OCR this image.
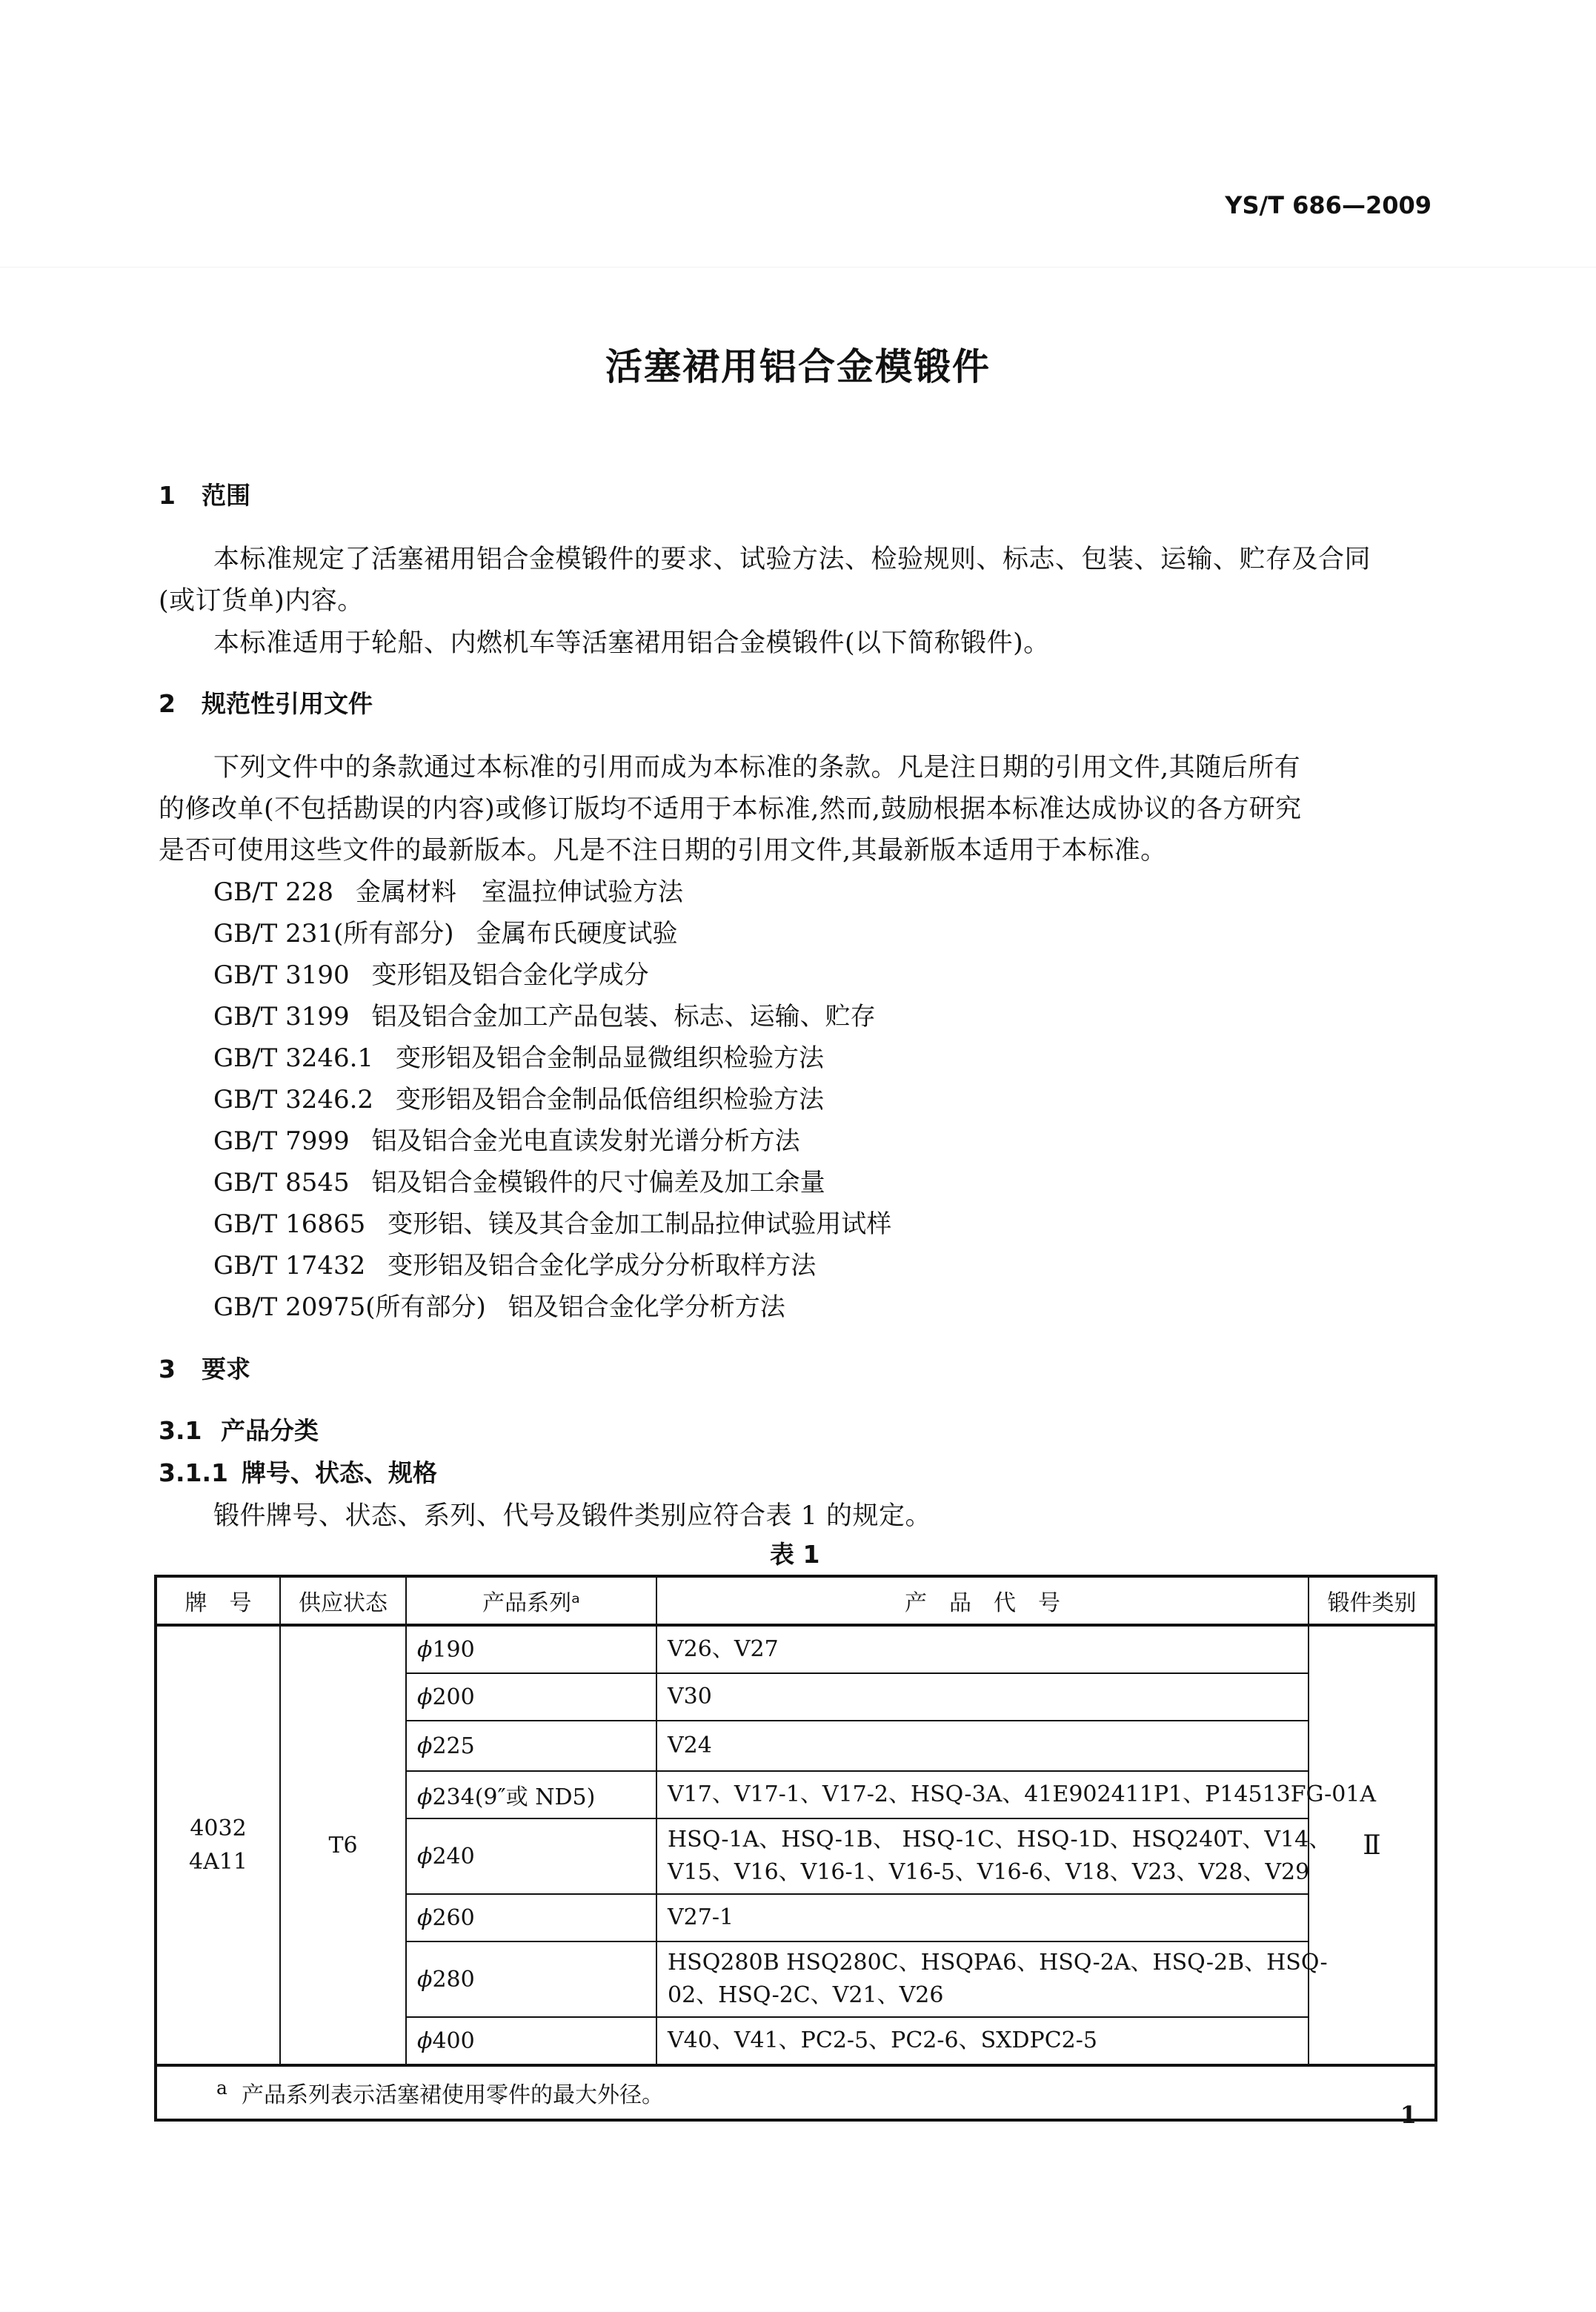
YS/T 686—2009
活塞裙用铝合金模锻件
1 范围
本标准规定了活塞裙用铝合金模锻件的要求、试验方法、检验规则、标志、包装、运输、贮存及合同
(或订货单)内容。
本标准适用于轮船、内燃机车等活塞裙用铝合金模锻件(以下简称锻件)。
2 规范性引用文件
下列文件中的条款通过本标准的引用而成为本标准的条款。凡是注日期的引用文件,其随后所有
的修改单(不包括勘误的内容)或修订版均不适用于本标准,然而,鼓励根据本标准达成协议的各方研究
是否可使用这些文件的最新版本。凡是不注日期的引用文件,其最新版本适用于本标准。
GB/T 228 金属材料　室温拉伸试验方法
GB/T 231(所有部分) 金属布氏硬度试验
GB/T 3190 变形铝及铝合金化学成分
GB/T 3199 铝及铝合金加工产品包装、标志、运输、贮存
GB/T 3246.1 变形铝及铝合金制品显微组织检验方法
GB/T 3246.2 变形铝及铝合金制品低倍组织检验方法
GB/T 7999 铝及铝合金光电直读发射光谱分析方法
GB/T 8545 铝及铝合金模锻件的尺寸偏差及加工余量
GB/T 16865 变形铝、镁及其合金加工制品拉伸试验用试样
GB/T 17432 变形铝及铝合金化学成分分析取样方法
GB/T 20975(所有部分) 铝及铝合金化学分析方法
3 要求
3.1 产品分类
3.1.1 牌号、状态、规格
锻件牌号、状态、系列、代号及锻件类别应符合表 1 的规定。
表 1
牌　号	供应状态	产品系列ᵃ	产　品　代　号	锻件类别

4032
4A11	T6	ϕ190	V26、V27	Ⅱ
		ϕ200	V30	

		ϕ225	V24	

		ϕ234(9″或 ND5)	V17、V17-1、V17-2、HSQ-3A、41E902411P1、P14513FG-01A	

		ϕ240	HSQ-1A、HSQ-1B、 HSQ-1C、HSQ-1D、HSQ240T、V14、
V15、V16、V16-1、V16-5、V16-6、V18、V23、V28、V29	

		ϕ260	V27-1	

		ϕ280	HSQ280B HSQ280C、HSQPA6、HSQ-2A、HSQ-2B、HSQ-
02、HSQ-2C、V21、V26	

		ϕ400	V40、V41、PC2-5、PC2-6、SXDPC2-5	

$^a$ 产品系列表示活塞裙使用零件的最大外径。				
1
